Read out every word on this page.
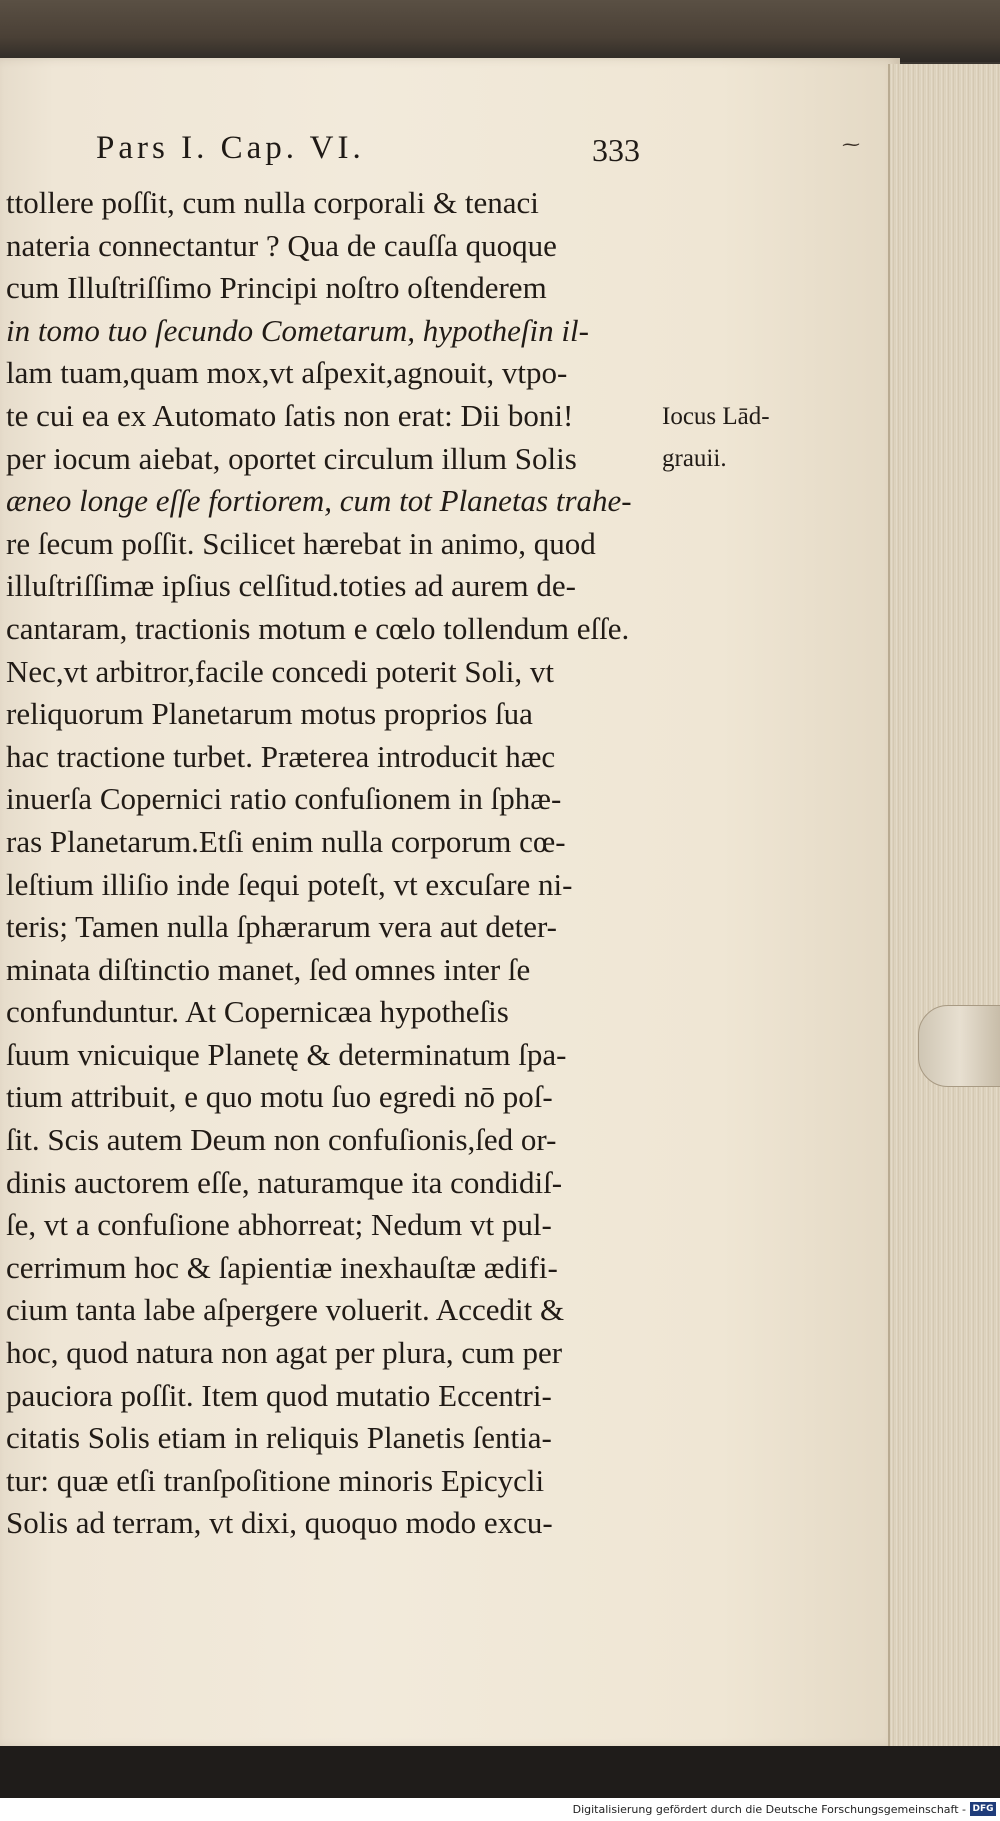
Pars I. Cap. VI.	333	⁓
ttollere poſſit, cum nulla corporali & tenaci
nateria connectantur ? Qua de cauſſa quoque
cum Illuſtriſſimo Principi noſtro oſtenderem
in tomo tuo ſecundo Cometarum, hypotheſin il-
lam tuam,quam mox,vt aſpexit,agnouit, vtpo-
te cui ea ex Automato ſatis non erat: Dii boni!
per iocum aiebat, oportet circulum illum Solis
æneo longe eſſe fortiorem, cum tot Planetas trahe-
re ſecum poſſit. Scilicet hærebat in animo, quod
illuſtriſſimæ ipſius celſitud.toties ad aurem de-
cantaram, tractionis motum e cœlo tollendum eſſe.
Nec,vt arbitror,facile concedi poterit Soli, vt
reliquorum Planetarum motus proprios ſua
hac tractione turbet. Præterea introducit hæc
inuerſa Copernici ratio confuſionem in ſphæ-
ras Planetarum.Etſi enim nulla corporum cœ-
leſtium illiſio inde ſequi poteſt, vt excuſare ni-
teris; Tamen nulla ſphærarum vera aut deter-
minata diſtinctio manet, ſed omnes inter ſe
confunduntur. At Copernicæa hypotheſis
ſuum vnicuique Planetę & determinatum ſpa-
tium attribuit, e quo motu ſuo egredi nō poſ-
ſit. Scis autem Deum non confuſionis,ſed or-
dinis auctorem eſſe, naturamque ita condidiſ-
ſe, vt a confuſione abhorreat; Nedum vt pul-
cerrimum hoc & ſapientiæ inexhauſtæ ædifi-
cium tanta labe aſpergere voluerit. Accedit &
hoc, quod natura non agat per plura, cum per
pauciora poſſit. Item quod mutatio Eccentri-
citatis Solis etiam in reliquis Planetis ſentia-
tur: quæ etſi tranſpoſitione minoris Epicycli
Solis ad terram, vt dixi, quoquo modo excu-
Iocus Lād-
grauii.
Digitalisierung gefördert durch die Deutsche Forschungsgemeinschaft - DFG
